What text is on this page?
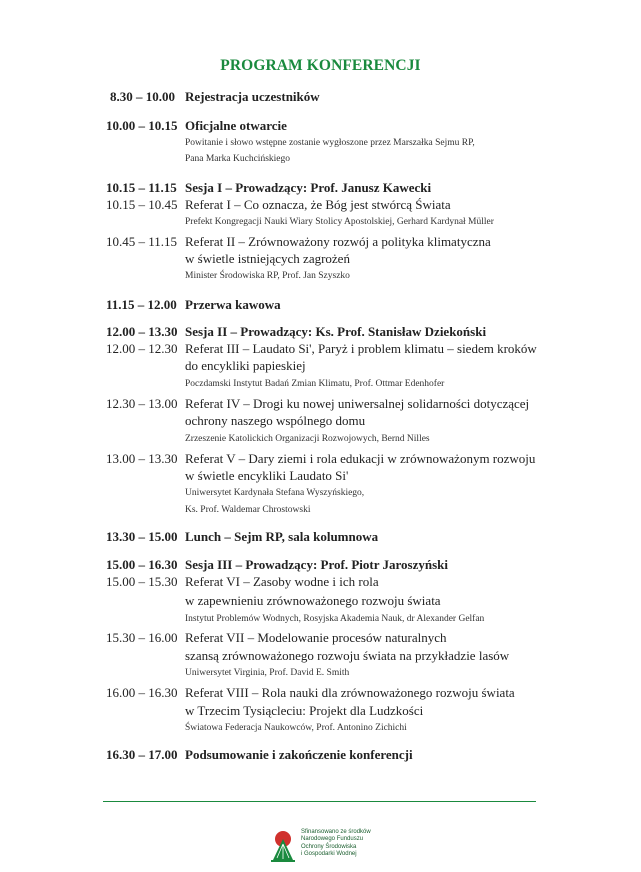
PROGRAM KONFERENCJI
8.30 – 10.00 Rejestracja uczestników
10.00 – 10.15 Oficjalne otwarcie
Powitanie i słowo wstępne zostanie wygłoszone przez Marszałka Sejmu RP,
Pana Marka Kuchcińskiego
10.15 – 11.15 Sesja I – Prowadzący: Prof. Janusz Kawecki
10.15 – 10.45 Referat I – Co oznacza, że Bóg jest stwórcą Świata
Prefekt Kongregacji Nauki Wiary Stolicy Apostolskiej, Gerhard Kardynał Müller
10.45 – 11.15 Referat II – Zrównoważony rozwój a polityka klimatyczna
w świetle istniejących zagrożeń
Minister Środowiska RP, Prof. Jan Szyszko
11.15 – 12.00 Przerwa kawowa
12.00 – 13.30 Sesja II – Prowadzący: Ks. Prof. Stanisław Dziekoński
12.00 – 12.30 Referat III – Laudato Si', Paryż i problem klimatu – siedem kroków
do encykliki papieskiej
Poczdamski Instytut Badań Zmian Klimatu, Prof. Ottmar Edenhofer
12.30 – 13.00 Referat IV – Drogi ku nowej uniwersalnej solidarności dotyczącej
ochrony naszego wspólnego domu
Zrzeszenie Katolickich Organizacji Rozwojowych, Bernd Nilles
13.00 – 13.30 Referat V – Dary ziemi i rola edukacji w zrównoważonym rozwoju
w świetle encykliki Laudato Si'
Uniwersytet Kardynała Stefana Wyszyńskiego,
Ks. Prof. Waldemar Chrostowski
13.30 – 15.00 Lunch – Sejm RP, sala kolumnowa
15.00 – 16.30 Sesja III – Prowadzący: Prof. Piotr Jaroszyński
15.00 – 15.30 Referat VI – Zasoby wodne i ich rola
w zapewnieniu zrównoważonego rozwoju świata
Instytut Problemów Wodnych, Rosyjska Akademia Nauk, dr Alexander Gelfan
15.30 – 16.00 Referat VII – Modelowanie procesów naturalnych
szansą zrównoważonego rozwoju świata na przykładzie lasów
Uniwersytet Virginia, Prof. David E. Smith
16.00 – 16.30 Referat VIII – Rola nauki dla zrównoważonego rozwoju świata
w Trzecim Tysiącleciu: Projekt dla Ludzkości
Światowa Federacja Naukowców, Prof. Antonino Zichichi
16.30 – 17.00 Podsumowanie i zakończenie konferencji
Sfinansowano ze środków
Narodowego Funduszu
Ochrony Środowiska
i Gospodarki Wodnej
